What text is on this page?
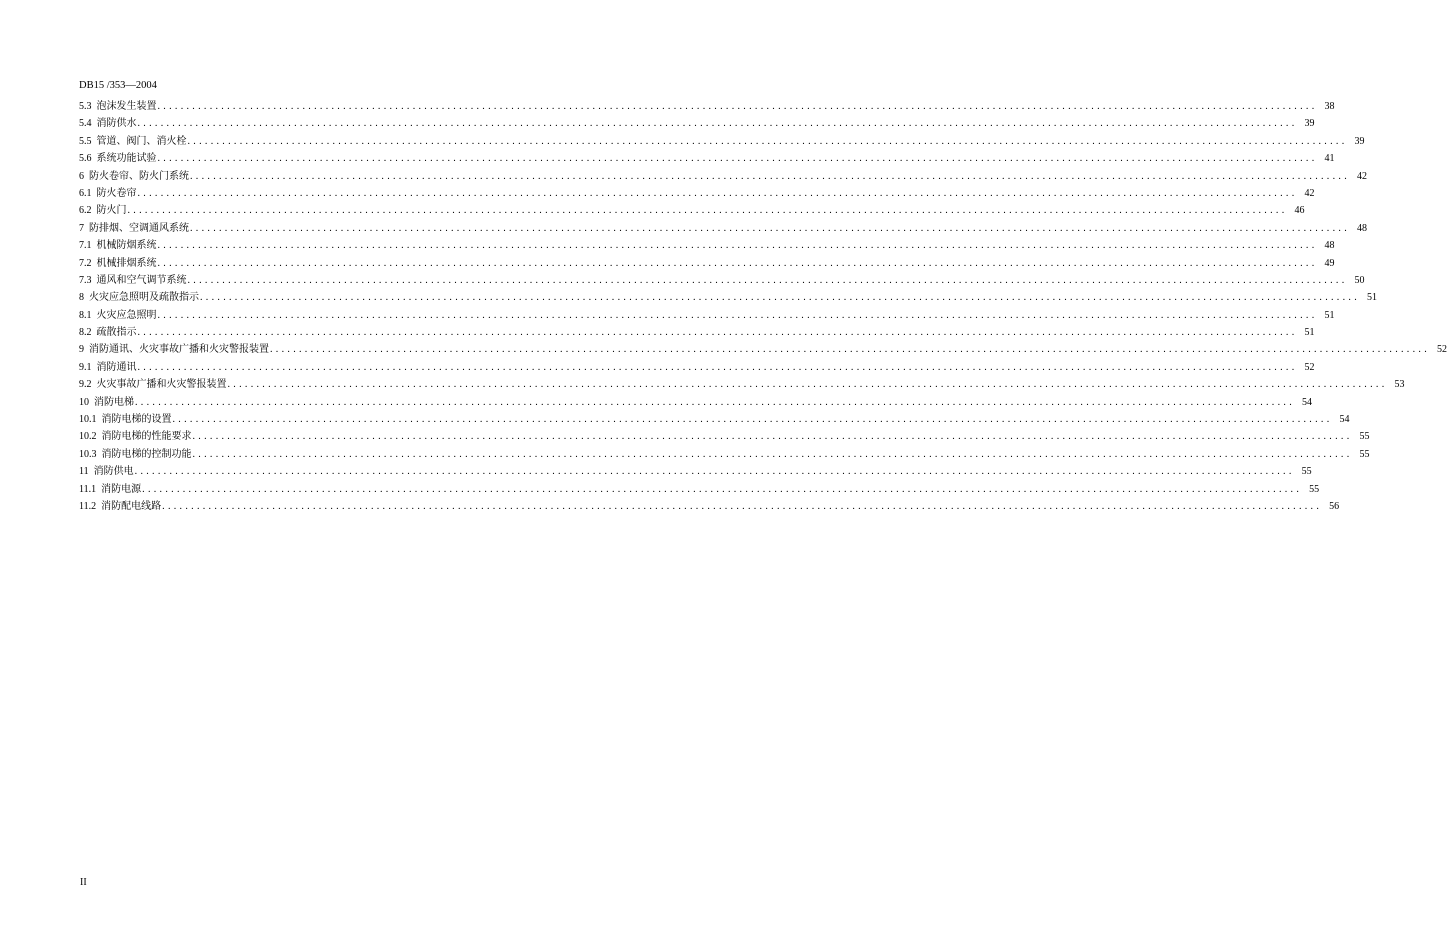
DB15 /353—2004
5.3 泡沫发生装置 ........................................................................................................................................................................................................ 38
5.4 消防供水 ........................................................................................................................................................................................................ 39
5.5 管道、阀门、消火栓 ........................................................................................................................................................................................................ 39
5.6 系统功能试验 ........................................................................................................................................................................................................ 41
6 防火卷帘、防火门系统 ........................................................................................................................................................................................................ 42
6.1 防火卷帘 ........................................................................................................................................................................................................ 42
6.2 防火门 ........................................................................................................................................................................................................ 46
7 防排烟、空调通风系统 ........................................................................................................................................................................................................ 48
7.1 机械防烟系统 ........................................................................................................................................................................................................ 48
7.2 机械排烟系统 ........................................................................................................................................................................................................ 49
7.3 通风和空气调节系统 ........................................................................................................................................................................................................ 50
8 火灾应急照明及疏散指示 ........................................................................................................................................................................................................ 51
8.1 火灾应急照明 ........................................................................................................................................................................................................ 51
8.2 疏散指示 ........................................................................................................................................................................................................ 51
9 消防通讯、火灾事故广播和火灾警报装置 ........................................................................................................................................................................................................ 52
9.1 消防通讯 ........................................................................................................................................................................................................ 52
9.2 火灾事故广播和火灾警报装置 ........................................................................................................................................................................................................ 53
10 消防电梯 ........................................................................................................................................................................................................ 54
10.1 消防电梯的设置 ........................................................................................................................................................................................................ 54
10.2 消防电梯的性能要求 ........................................................................................................................................................................................................ 55
10.3 消防电梯的控制功能 ........................................................................................................................................................................................................ 55
11 消防供电 ........................................................................................................................................................................................................ 55
11.1 消防电源 ........................................................................................................................................................................................................ 55
11.2 消防配电线路 ........................................................................................................................................................................................................ 56
II
